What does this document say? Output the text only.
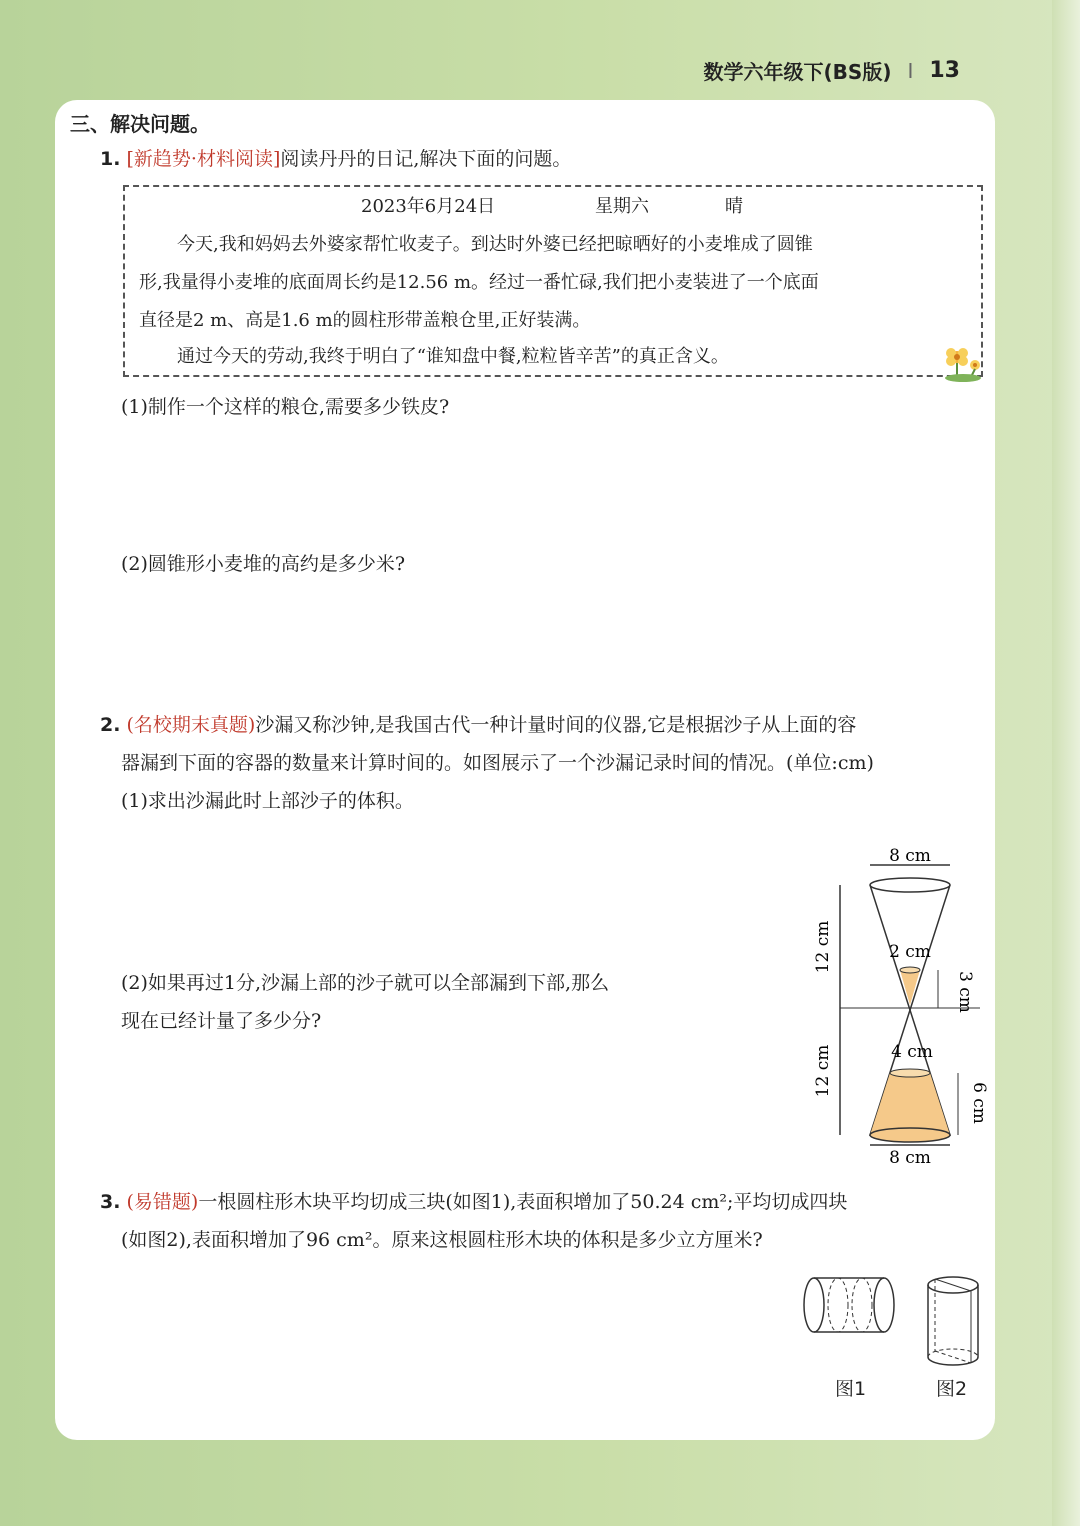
数学六年级下(BS版) I 13
三、解决问题。
1. [新趋势·材料阅读]阅读丹丹的日记,解决下面的问题。
2023年6月24日	星期六	晴
今天,我和妈妈去外婆家帮忙收麦子。到达时外婆已经把晾晒好的小麦堆成了圆锥
形,我量得小麦堆的底面周长约是12.56 m。经过一番忙碌,我们把小麦装进了一个底面
直径是2 m、高是1.6 m的圆柱形带盖粮仓里,正好装满。
通过今天的劳动,我终于明白了“谁知盘中餐,粒粒皆辛苦”的真正含义。
(1)制作一个这样的粮仓,需要多少铁皮?
(2)圆锥形小麦堆的高约是多少米?
2. (名校期末真题)沙漏又称沙钟,是我国古代一种计量时间的仪器,它是根据沙子从上面的容
器漏到下面的容器的数量来计算时间的。如图展示了一个沙漏记录时间的情况。(单位:cm)
(1)求出沙漏此时上部沙子的体积。
(2)如果再过1分,沙漏上部的沙子就可以全部漏到下部,那么
现在已经计量了多少分?
8 cm
2 cm
3 cm
12 cm
4 cm
6 cm
12 cm
8 cm
3. (易错题)一根圆柱形木块平均切成三块(如图1),表面积增加了50.24 cm²;平均切成四块
(如图2),表面积增加了96 cm²。原来这根圆柱形木块的体积是多少立方厘米?
图1	图2
